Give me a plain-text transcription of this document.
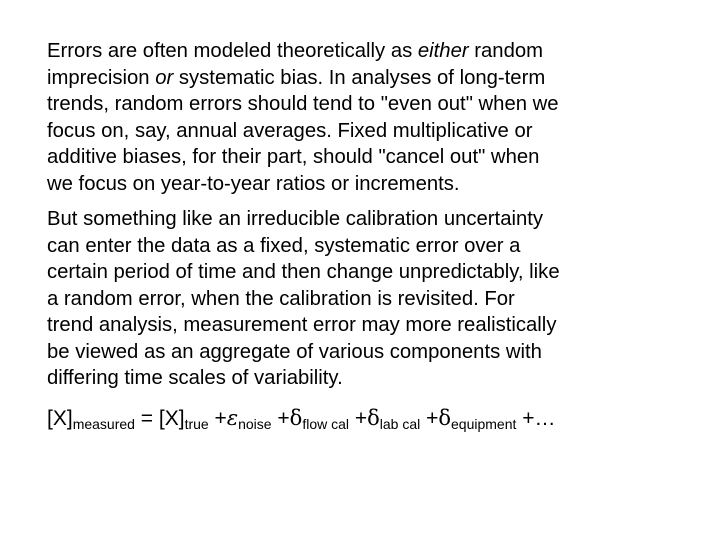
Errors are often modeled theoretically as either random
imprecision or systematic bias. In analyses of long-term
trends, random errors should tend to "even out" when we
focus on, say, annual averages. Fixed multiplicative or
additive biases, for their part, should "cancel out" when
we focus on year-to-year ratios or increments.

But something like an irreducible calibration uncertainty
can enter the data as a fixed, systematic error over a
certain period of time and then change unpredictably, like
a random error, when the calibration is revisited. For
trend analysis, measurement error may more realistically
be viewed as an aggregate of various components with
differing time scales of variability.

$[X]_{measured} = [X]_{true} +\varepsilon_{noise} +\delta_{flow cal} +\delta_{lab cal} +\delta_{equipment}$ +…
